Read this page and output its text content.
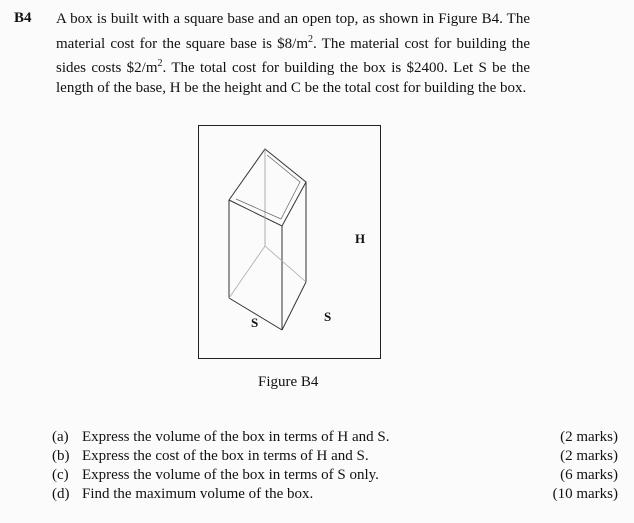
B4 A box is built with a square base and an open top, as shown in Figure B4. The material cost for the square base is $\$8/m^2$. The material cost for building the sides costs $\$2/m^2$. The total cost for building the box is $2400. Let S be the length of the base, H be the height and C be the total cost for building the box.

H
S	S
Figure B4
(a) Express the volume of the box in terms of H and S.	(2 marks)
(b) Express the cost of the box in terms of H and S.	(2 marks)
(c) Express the volume of the box in terms of S only.	(6 marks)
(d) Find the maximum volume of the box.	(10 marks)
